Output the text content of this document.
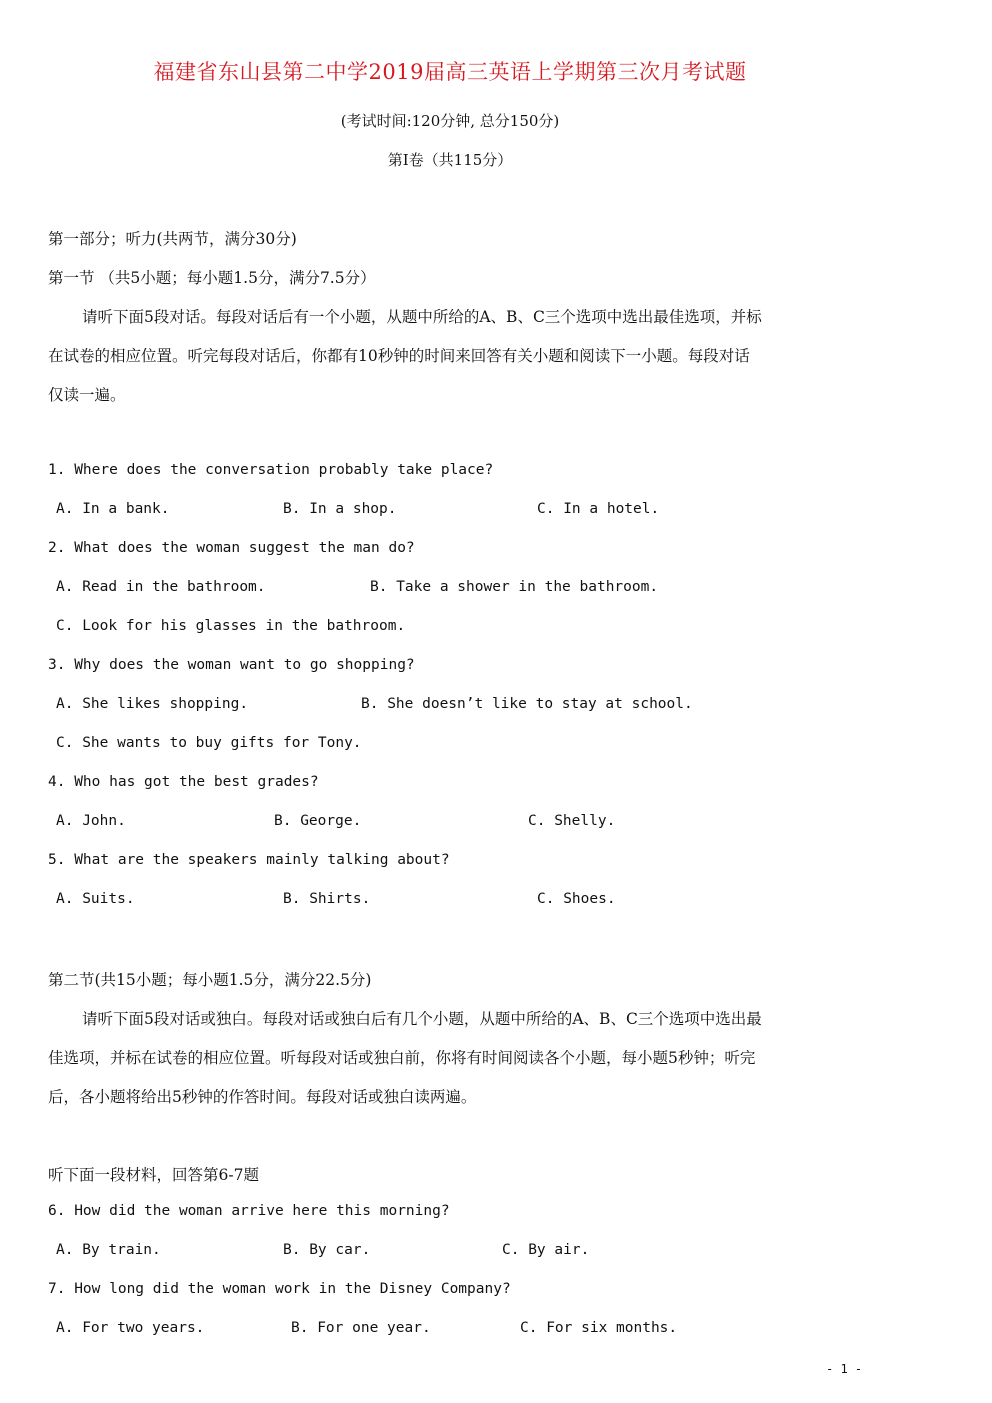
福建省东山县第二中学2019届高三英语上学期第三次月考试题
(考试时间:120分钟, 总分150分)
第Ⅰ卷（共115分）
第一部分；听力(共两节，满分30分)
第一节 （共5小题；每小题1.5分，满分7.5分）
请听下面5段对话。每段对话后有一个小题，从题中所给的A、B、C三个选项中选出最佳选项，并标
在试卷的相应位置。听完每段对话后，你都有10秒钟的时间来回答有关小题和阅读下一小题。每段对话
仅读一遍。
1. Where does the conversation probably take place?
A. In a bank.	B. In a shop.	C. In a hotel.
2. What does the woman suggest the man do?
A. Read in the bathroom.	B. Take a shower in the bathroom.
C. Look for his glasses in the bathroom.
3. Why does the woman want to go shopping?
A. She likes shopping.	B. She doesn’t like to stay at school.
C. She wants to buy gifts for Tony.
4. Who has got the best grades?
A. John.	B. George.	C. Shelly.
5. What are the speakers mainly talking about?
A. Suits.	B. Shirts.	C. Shoes.
第二节(共15小题；每小题1.5分，满分22.5分)
请听下面5段对话或独白。每段对话或独白后有几个小题，从题中所给的A、B、C三个选项中选出最
佳选项，并标在试卷的相应位置。听每段对话或独白前，你将有时间阅读各个小题，每小题5秒钟；听完
后，各小题将给出5秒钟的作答时间。每段对话或独白读两遍。
听下面一段材料，回答第6-7题
6. How did the woman arrive here this morning?
A. By train.	B. By car.	C. By air.
7. How long did the woman work in the Disney Company?
A. For two years.	B. For one year.	C. For six months.
- 1 -
